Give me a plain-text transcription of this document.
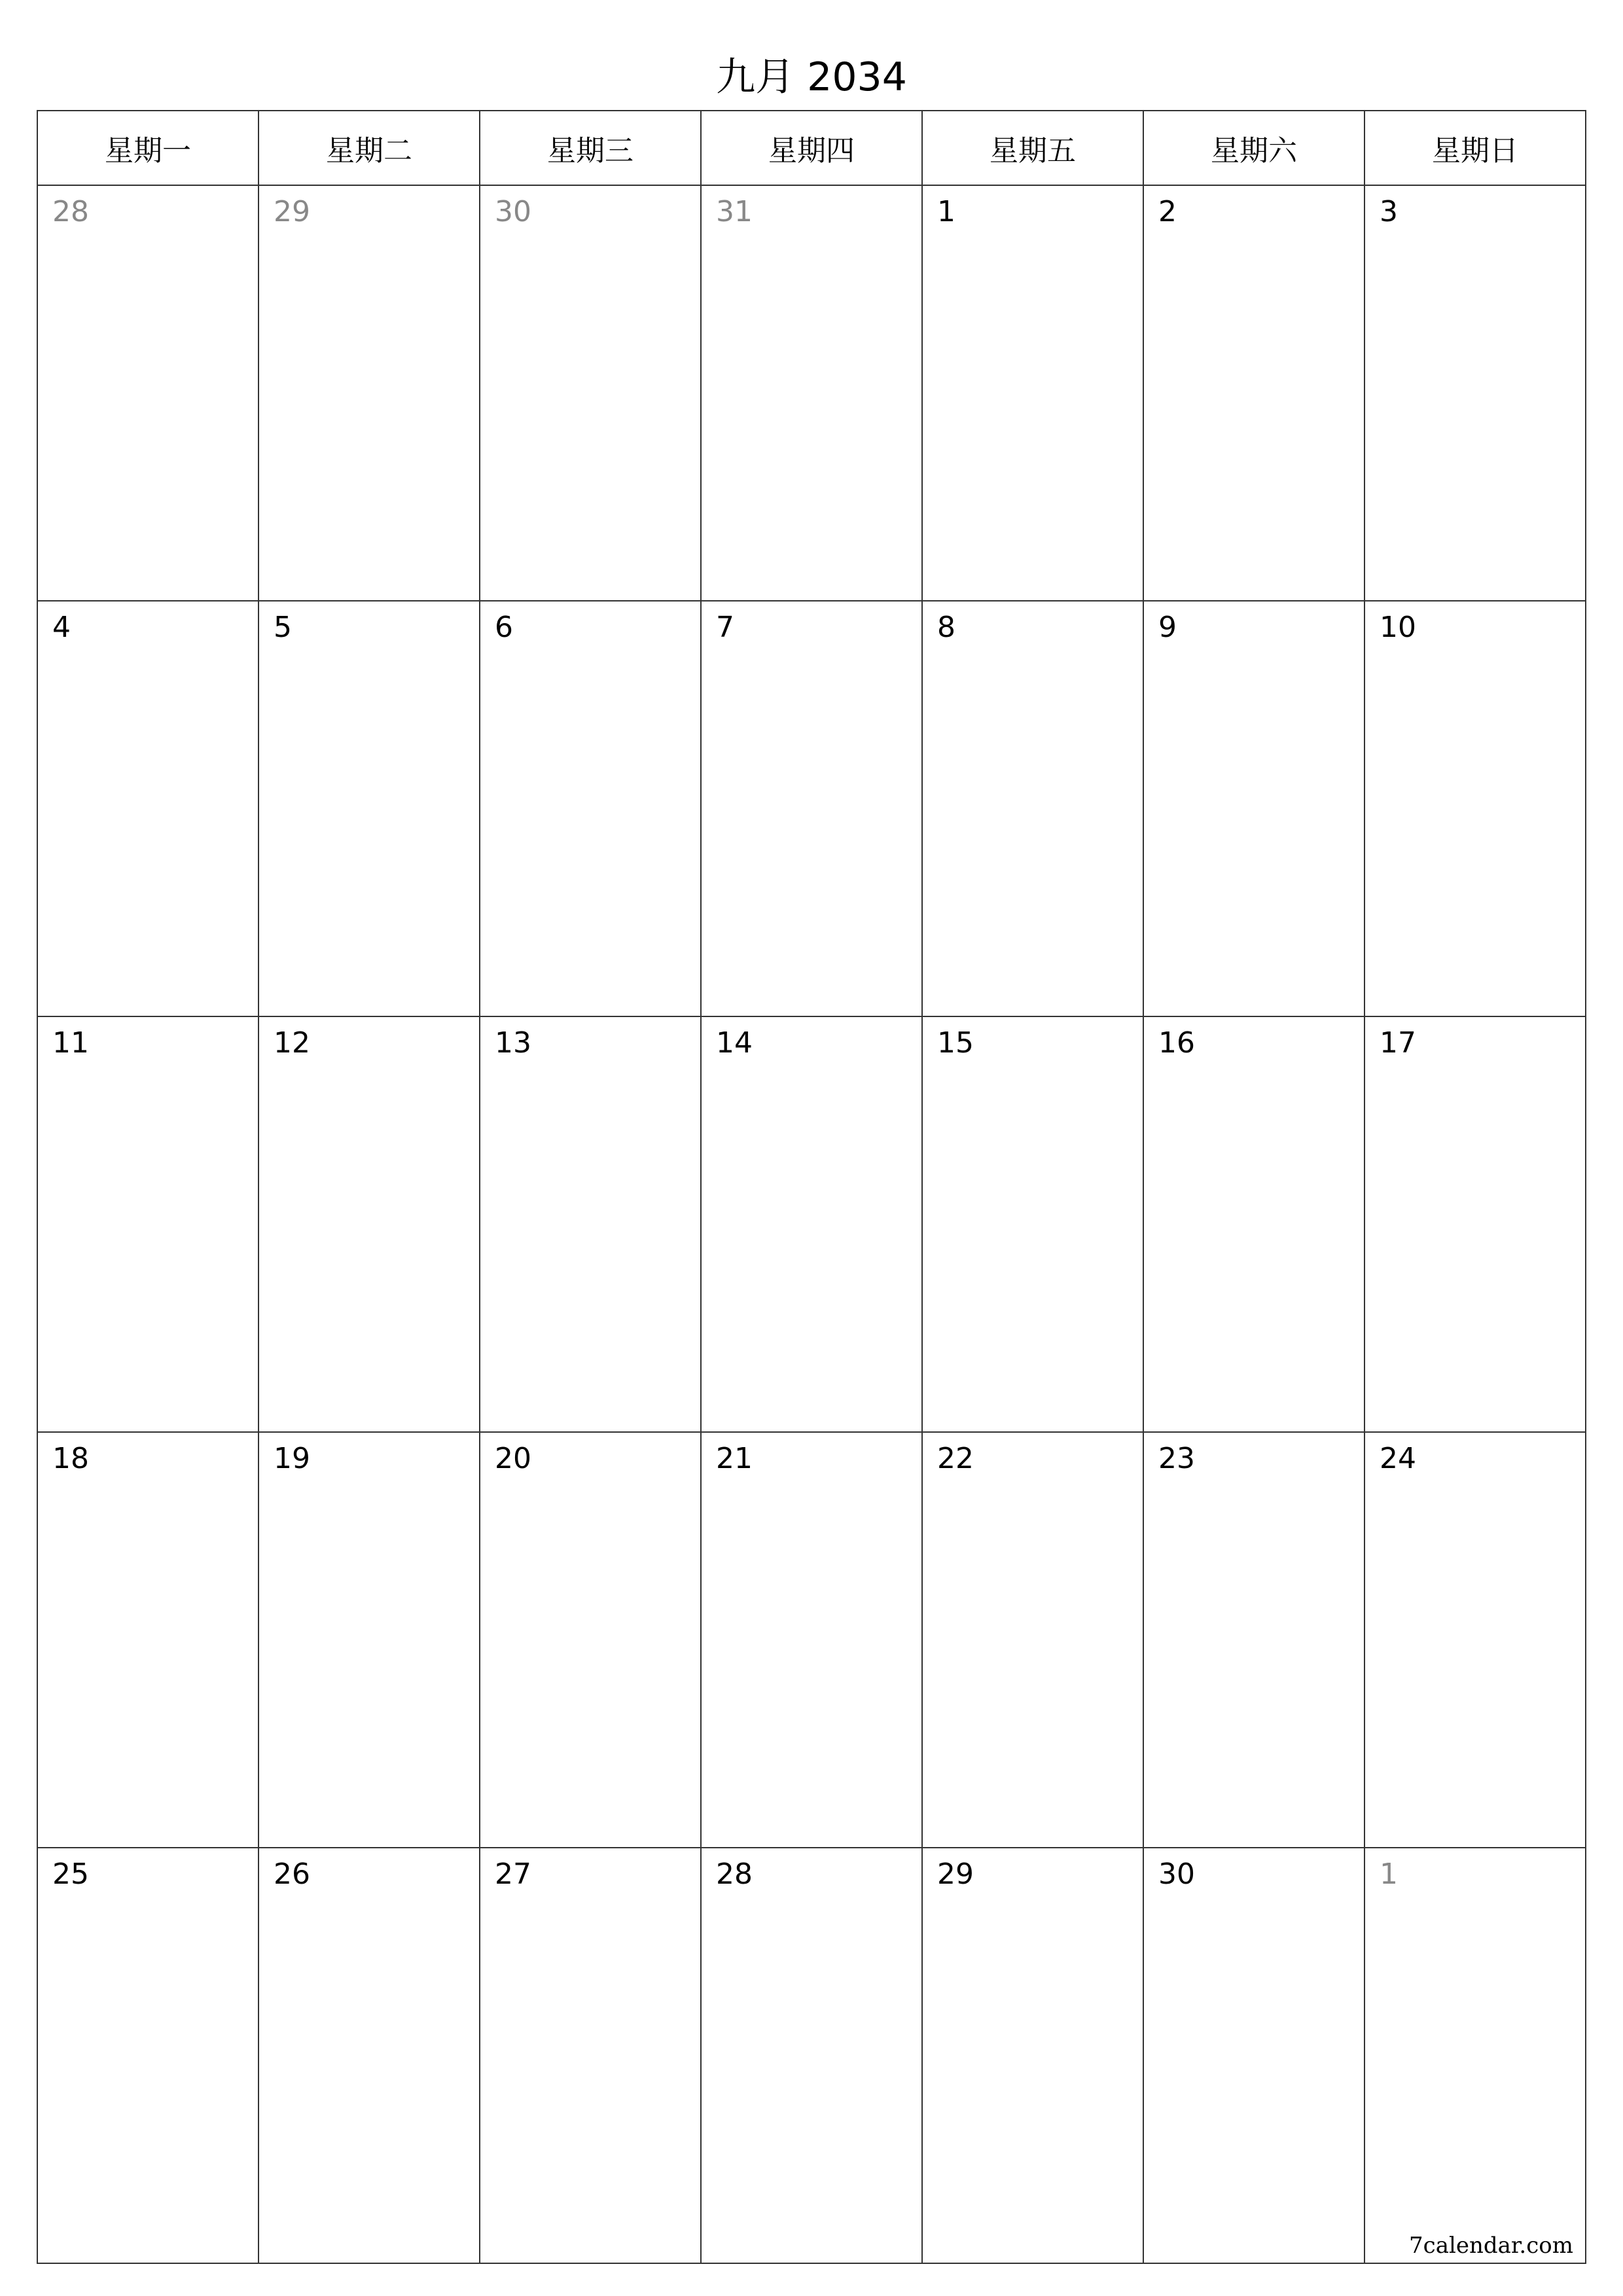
九月 2034
星期一	星期二	星期三	星期四	星期五	星期六	星期日

28	29	30	31	1	2	3

4	5	6	7	8	9	10

11	12	13	14	15	16	17

18	19	20	21	22	23	24

25	26	27	28	29	30	1
7calendar.com
